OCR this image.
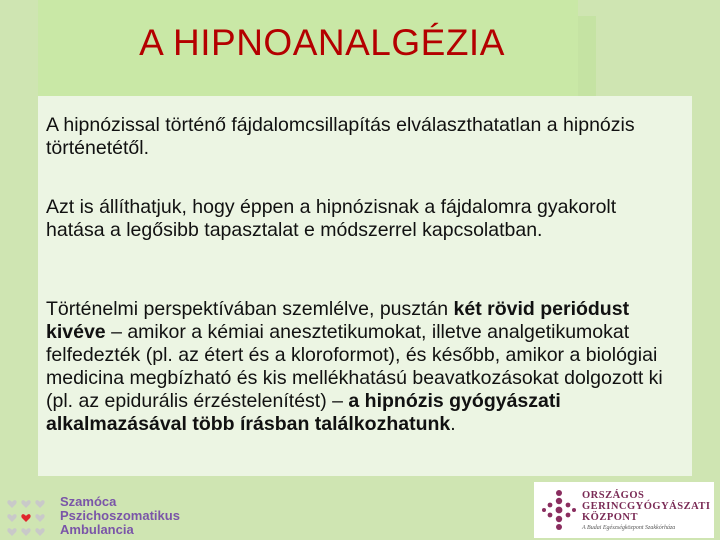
A HIPNOANALGÉZIA
A hipnózissal történő fájdalomcsillapítás elválaszthatatlan a hipnózis történetétől.
Azt is állíthatjuk, hogy éppen a hipnózisnak a fájdalomra gyakorolt hatása a legősibb tapasztalat e módszerrel kapcsolatban.
Történelmi perspektívában szemlélve, pusztán két rövid periódust kivéve – amikor a kémiai anesztetikumokat, illetve analgetikumokat felfedezték (pl. az étert és a kloroformot), és később, amikor a biológiai medicina megbízható és kis mellékhatású beavatkozásokat dolgozott ki (pl. az epidurális érzéstelenítést) – a hipnózis gyógyászati alkalmazásával több írásban találkozhatunk.
Szamóca
Pszichoszomatikus
Ambulancia
ORSZÁGOS
GERINCGYÓGYÁSZATI
KÖZPONT
A Budai Egészségközpont Szakkórháza
